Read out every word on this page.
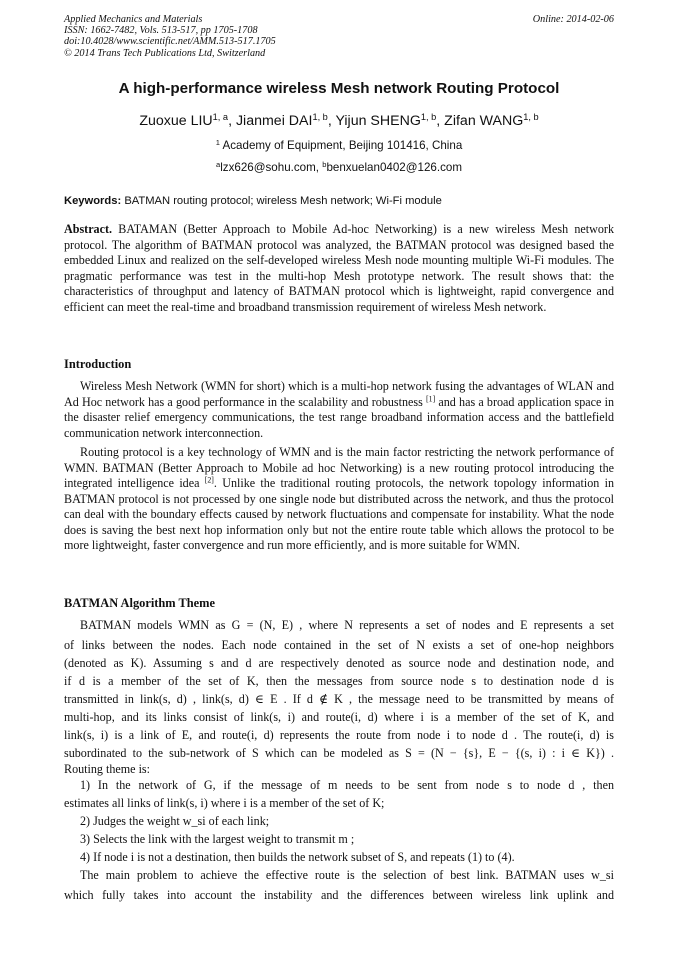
Applied Mechanics and Materials
ISSN: 1662-7482, Vols. 513-517, pp 1705-1708
doi:10.4028/www.scientific.net/AMM.513-517.1705
© 2014 Trans Tech Publications Ltd, Switzerland
Online: 2014-02-06
A high-performance wireless Mesh network Routing Protocol
Zuoxue LIU$^{1, a}$, Jianmei DAI$^{1, b}$, Yijun SHENG$^{1, b}$, Zifan WANG$^{1, b}$
$^1$ Academy of Equipment, Beijing 101416, China
$^a$lzx626@sohu.com, $^b$benxuelan0402@126.com
Keywords: BATMAN routing protocol; wireless Mesh network; Wi-Fi module
Abstract. BATAMAN (Better Approach to Mobile Ad-hoc Networking) is a new wireless Mesh network protocol. The algorithm of BATMAN protocol was analyzed, the BATMAN protocol was designed based the embedded Linux and realized on the self-developed wireless Mesh node mounting multiple Wi-Fi modules. The pragmatic performance was test in the multi-hop Mesh prototype network. The result shows that: the characteristics of throughput and latency of BATMAN protocol which is lightweight, rapid convergence and efficient can meet the real-time and broadband transmission requirement of wireless Mesh network.
Introduction
Wireless Mesh Network (WMN for short) which is a multi-hop network fusing the advantages of WLAN and Ad Hoc network has a good performance in the scalability and robustness [1] and has a broad application space in the disaster relief emergency communications, the test range broadband information access and the battlefield communication network interconnection.
Routing protocol is a key technology of WMN and is the main factor restricting the network performance of WMN. BATMAN (Better Approach to Mobile ad hoc Networking) is a new routing protocol introducing the integrated intelligence idea [2]. Unlike the traditional routing protocols, the network topology information in BATMAN protocol is not processed by one single node but distributed across the network, and thus the protocol can deal with the boundary effects caused by network fluctuations and compensate for instability. What the node does is saving the best next hop information only but not the entire route table which allows the protocol to be more lightweight, faster convergence and run more efficiently, and is more suitable for WMN.
BATMAN Algorithm Theme
BATMAN models WMN as G = (N, E) , where N represents a set of nodes and E represents a set
of links between the nodes. Each node contained in the set of N exists a set of one-hop neighbors
(denoted as K). Assuming s and d are respectively denoted as source node and destination node, and
if d is a member of the set of K, then the messages from source node s to destination node d is
transmitted in link(s, d) , link(s, d) ∈ E . If d ∉ K , the message need to be transmitted by means of
multi-hop, and its links consist of link(s, i) and route(i, d) where i is a member of the set of K, and
link(s, i) is a link of E, and route(i, d) represents the route from node i to node d . The route(i, d) is
subordinated to the sub-network of S which can be modeled as S = (N − {s}, E − {(s, i) : i ∈ K}) .
Routing theme is:
1) In the network of G, if the message of m needs to be sent from node s to node d , then
estimates all links of link(s, i) where i is a member of the set of K;
2) Judges the weight w_si of each link;
3) Selects the link with the largest weight to transmit m ;
4) If node i is not a destination, then builds the network subset of S, and repeats (1) to (4).
The main problem to achieve the effective route is the selection of best link. BATMAN uses w_si
which fully takes into account the instability and the differences between wireless link uplink and
